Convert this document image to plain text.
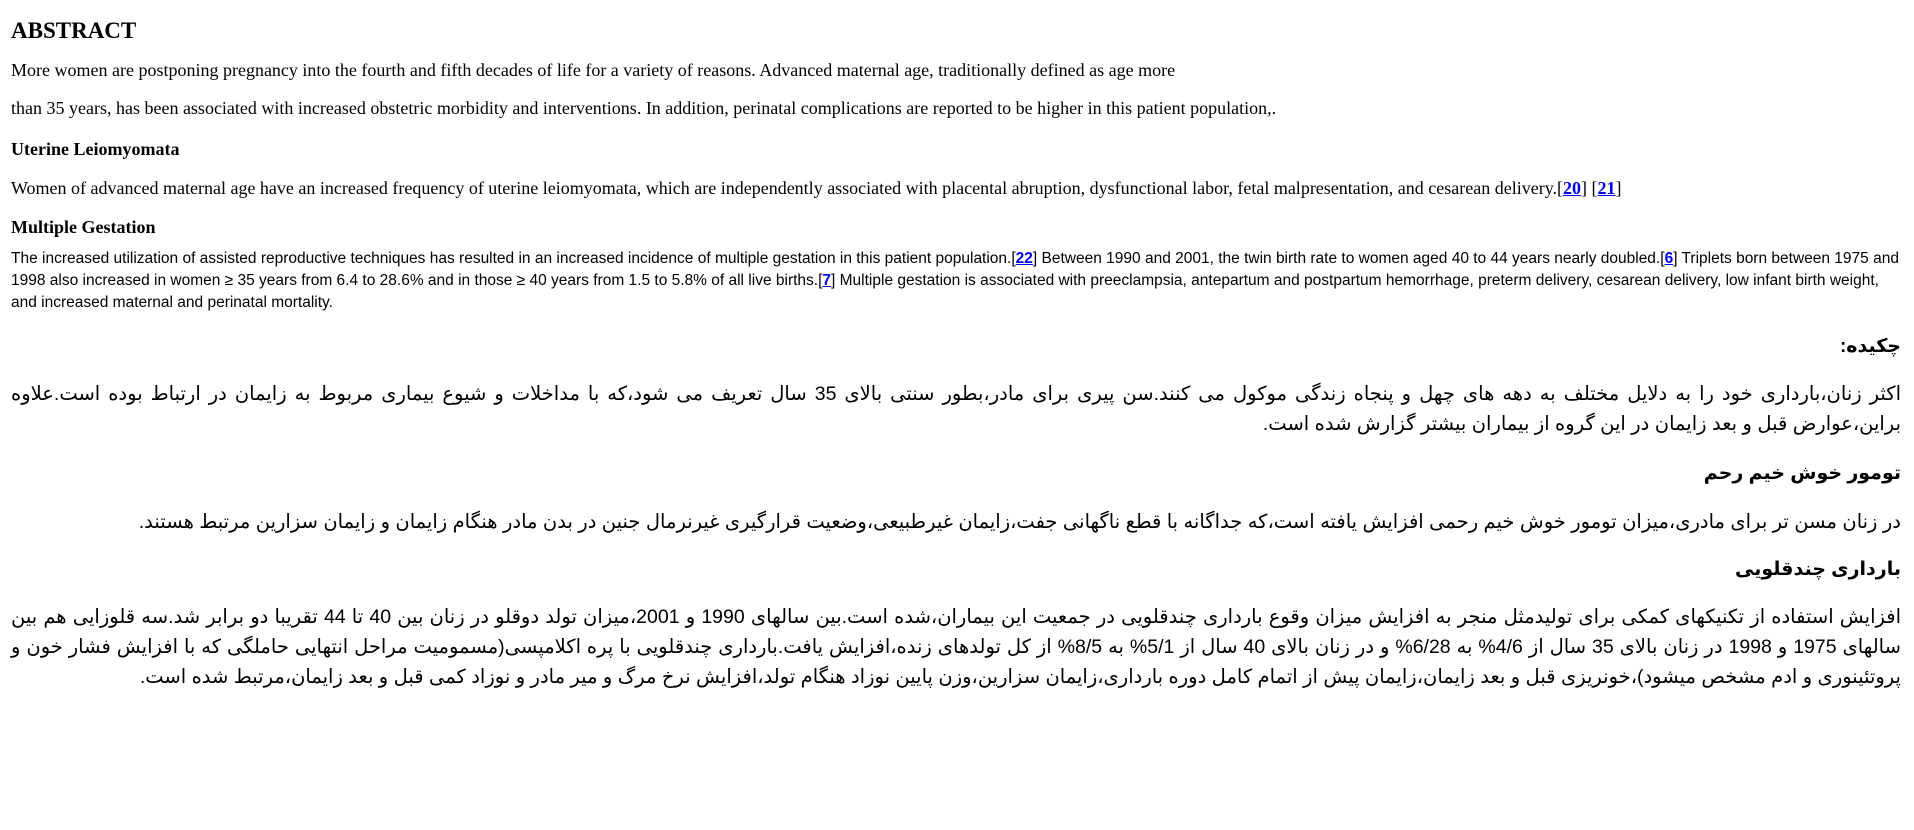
ABSTRACT

More women are postponing pregnancy into the fourth and fifth decades of life for a variety of reasons. Advanced maternal age, traditionally defined as age more

than 35 years, has been associated with increased obstetric morbidity and interventions. In addition, perinatal complications are reported to be higher in this patient population,.

Uterine Leiomyomata

Women of advanced maternal age have an increased frequency of uterine leiomyomata, which are independently associated with placental abruption, dysfunctional labor, fetal malpresentation, and cesarean delivery.[20] [21]

Multiple Gestation

The increased utilization of assisted reproductive techniques has resulted in an increased incidence of multiple gestation in this patient population.[22] Between 1990 and 2001, the twin birth rate to women aged 40 to 44 years nearly doubled.[6] Triplets born between 1975 and 1998 also increased in women ≥ 35 years from 6.4 to 28.6% and in those ≥ 40 years from 1.5 to 5.8% of all live births.[7] Multiple gestation is associated with preeclampsia, antepartum and postpartum hemorrhage, preterm delivery, cesarean delivery, low infant birth weight, and increased maternal and perinatal mortality.

چکیده:

اکثر زنان،بارداری خود را به دلایل مختلف به دهه های چهل و پنجاه زندگی موکول می کنند.سن پیری برای مادر،بطور سنتی بالای 35 سال تعریف می شود،که با مداخلات و شیوع بیماری مربوط به زایمان در ارتباط بوده است.علاوه براین،عوارض قبل و بعد زایمان در این گروه از بیماران بیشتر گزارش شده است.

تومور خوش خیم رحم

در زنان مسن تر برای مادری،میزان تومور خوش خیم رحمی افزایش یافته است،که جداگانه با قطع ناگهانی جفت،زایمان غیرطبیعی،وضعیت قرارگیری غیرنرمال جنین در بدن مادر هنگام زایمان و زایمان سزارین مرتبط هستند.

بارداری چندقلویی

افزایش استفاده از تکنیکهای کمکی برای تولیدمثل منجر به افزایش میزان وقوع بارداری چندقلویی در جمعیت این بیماران،شده است.بین سالهای 1990 و 2001،میزان تولد دوقلو در زنان بین 40 تا 44 تقریبا دو برابر شد.سه قلوزایی هم بین سالهای 1975 و 1998 در زنان بالای 35 سال از 4/6% به 6/28% و در زنان بالای 40 سال از 5/1% به 8/5% از کل تولدهای زنده،افزایش یافت.بارداری چندقلویی با پره اکلامپسی(مسمومیت مراحل انتهایی حاملگی که با افزایش فشار خون و پروتئینوری و ادم مشخص میشود)،خونریزی قبل و بعد زایمان،زایمان پیش از اتمام کامل دوره بارداری،زایمان سزارین،وزن پایین نوزاد هنگام تولد،افزایش نرخ مرگ و میر مادر و نوزاد کمی قبل و بعد زایمان،مرتبط شده است.
